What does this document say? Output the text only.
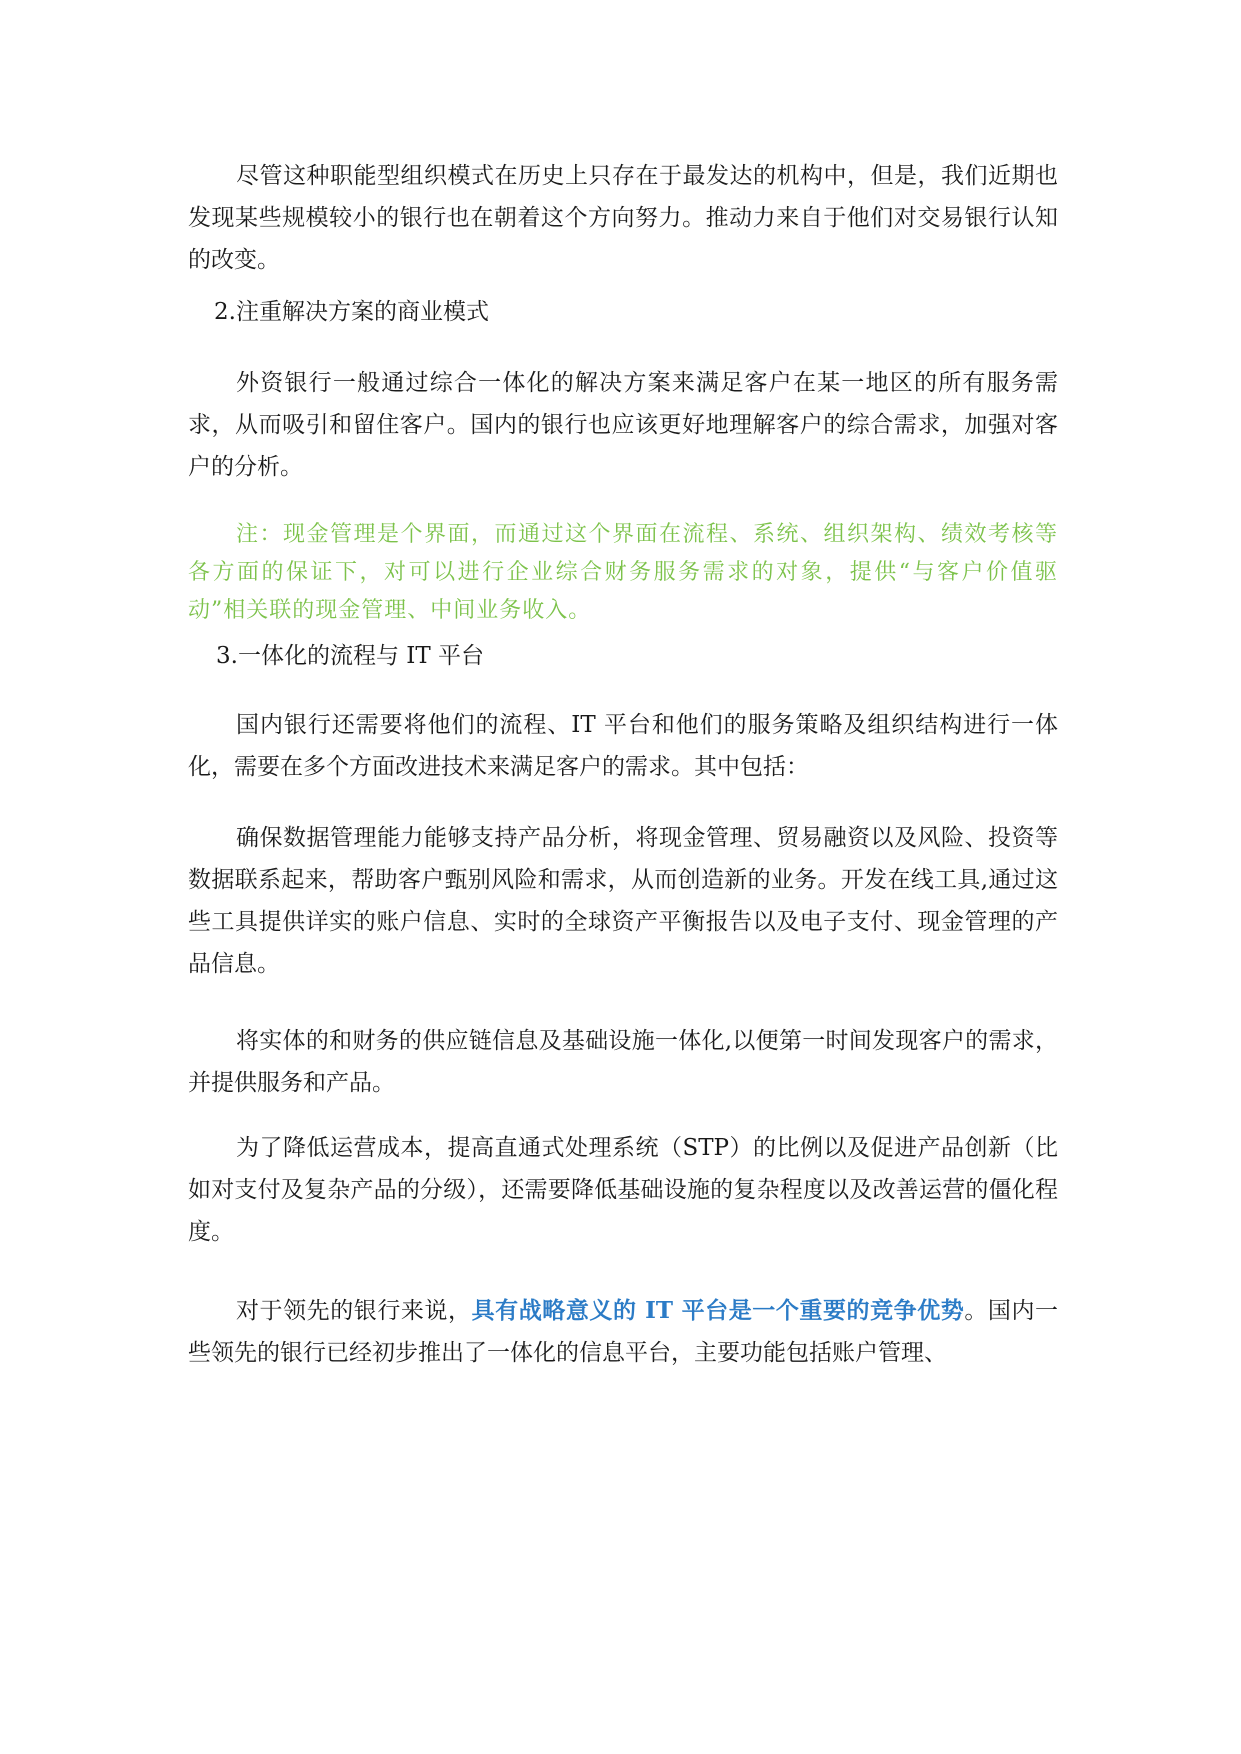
尽管这种职能型组织模式在历史上只存在于最发达的机构中，但是，我们近期也发现某些规模较小的银行也在朝着这个方向努力。推动力来自于他们对交易银行认知的改变。

2.注重解决方案的商业模式

外资银行一般通过综合一体化的解决方案来满足客户在某一地区的所有服务需求，从而吸引和留住客户。国内的银行也应该更好地理解客户的综合需求，加强对客户的分析。

注：现金管理是个界面，而通过这个界面在流程、系统、组织架构、绩效考核等各方面的保证下，对可以进行企业综合财务服务需求的对象，提供“与客户价值驱动”相关联的现金管理、中间业务收入。

3.一体化的流程与 IT 平台

国内银行还需要将他们的流程、IT 平台和他们的服务策略及组织结构进行一体化，需要在多个方面改进技术来满足客户的需求。其中包括：

确保数据管理能力能够支持产品分析，将现金管理、贸易融资以及风险、投资等数据联系起来，帮助客户甄别风险和需求，从而创造新的业务。开发在线工具,通过这些工具提供详实的账户信息、实时的全球资产平衡报告以及电子支付、现金管理的产品信息。

将实体的和财务的供应链信息及基础设施一体化,以便第一时间发现客户的需求，并提供服务和产品。

为了降低运营成本，提高直通式处理系统（STP）的比例以及促进产品创新（比如对支付及复杂产品的分级），还需要降低基础设施的复杂程度以及改善运营的僵化程度。

对于领先的银行来说，具有战略意义的 IT 平台是一个重要的竞争优势。国内一些领先的银行已经初步推出了一体化的信息平台，主要功能包括账户管理、
